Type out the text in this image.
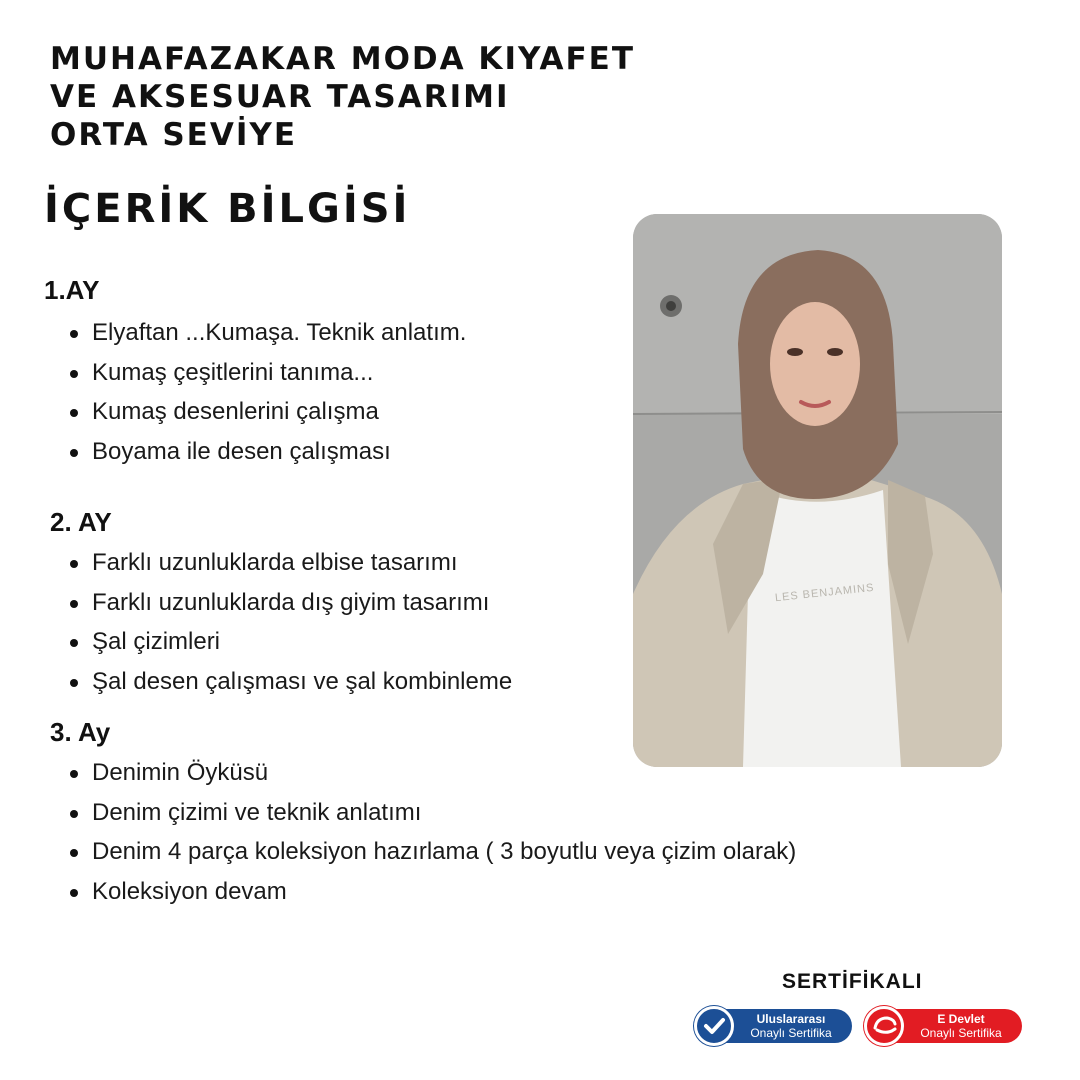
MUHAFAZAKAR MODA KIYAFET
VE AKSESUAR TASARIMI
ORTA SEVİYE
İÇERİK BİLGİSİ
1.AY
Elyaftan ...Kumaşa. Teknik anlatım.
Kumaş çeşitlerini tanıma...
Kumaş desenlerini çalışma
Boyama ile desen çalışması
2. AY
Farklı uzunluklarda elbise tasarımı
Farklı uzunluklarda dış giyim tasarımı
Şal çizimleri
Şal desen çalışması ve şal kombinleme
3. Ay
Denimin Öyküsü
Denim çizimi ve teknik anlatımı
Denim 4 parça koleksiyon hazırlama ( 3 boyutlu veya çizim olarak)
Koleksiyon devam
LES BENJAMINS

SERTİFİKALI

Uluslararası
Onaylı Sertifika
E Devlet
Onaylı Sertifika
